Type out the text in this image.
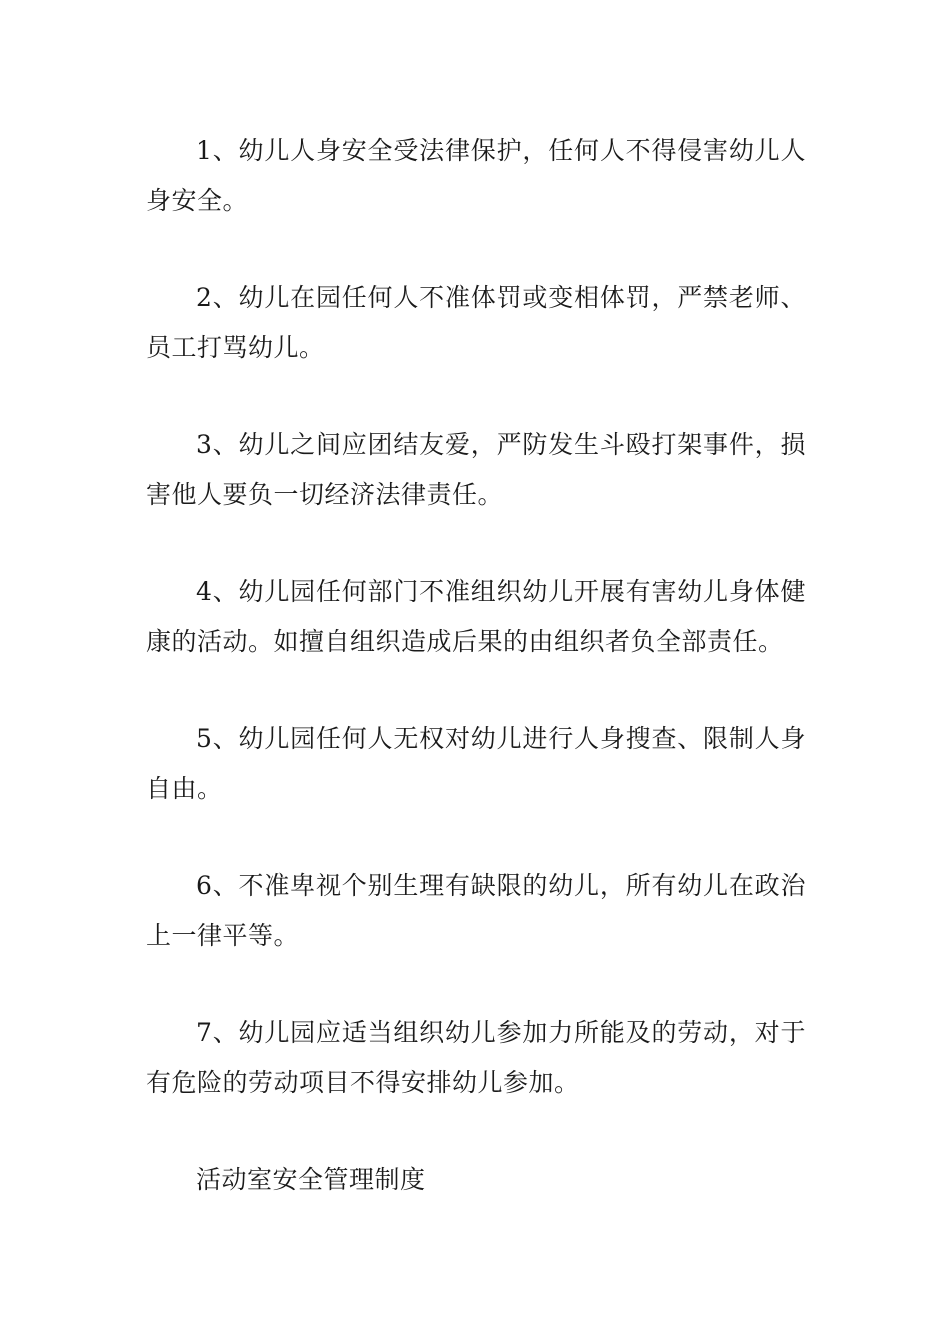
1、幼儿人身安全受法律保护，任何人不得侵害幼儿人身安全。

2、幼儿在园任何人不准体罚或变相体罚，严禁老师、员工打骂幼儿。

3、幼儿之间应团结友爱，严防发生斗殴打架事件，损害他人要负一切经济法律责任。

4、幼儿园任何部门不准组织幼儿开展有害幼儿身体健康的活动。如擅自组织造成后果的由组织者负全部责任。

5、幼儿园任何人无权对幼儿进行人身搜查、限制人身自由。

6、不准卑视个别生理有缺限的幼儿，所有幼儿在政治上一律平等。

7、幼儿园应适当组织幼儿参加力所能及的劳动，对于有危险的劳动项目不得安排幼儿参加。

活动室安全管理制度
